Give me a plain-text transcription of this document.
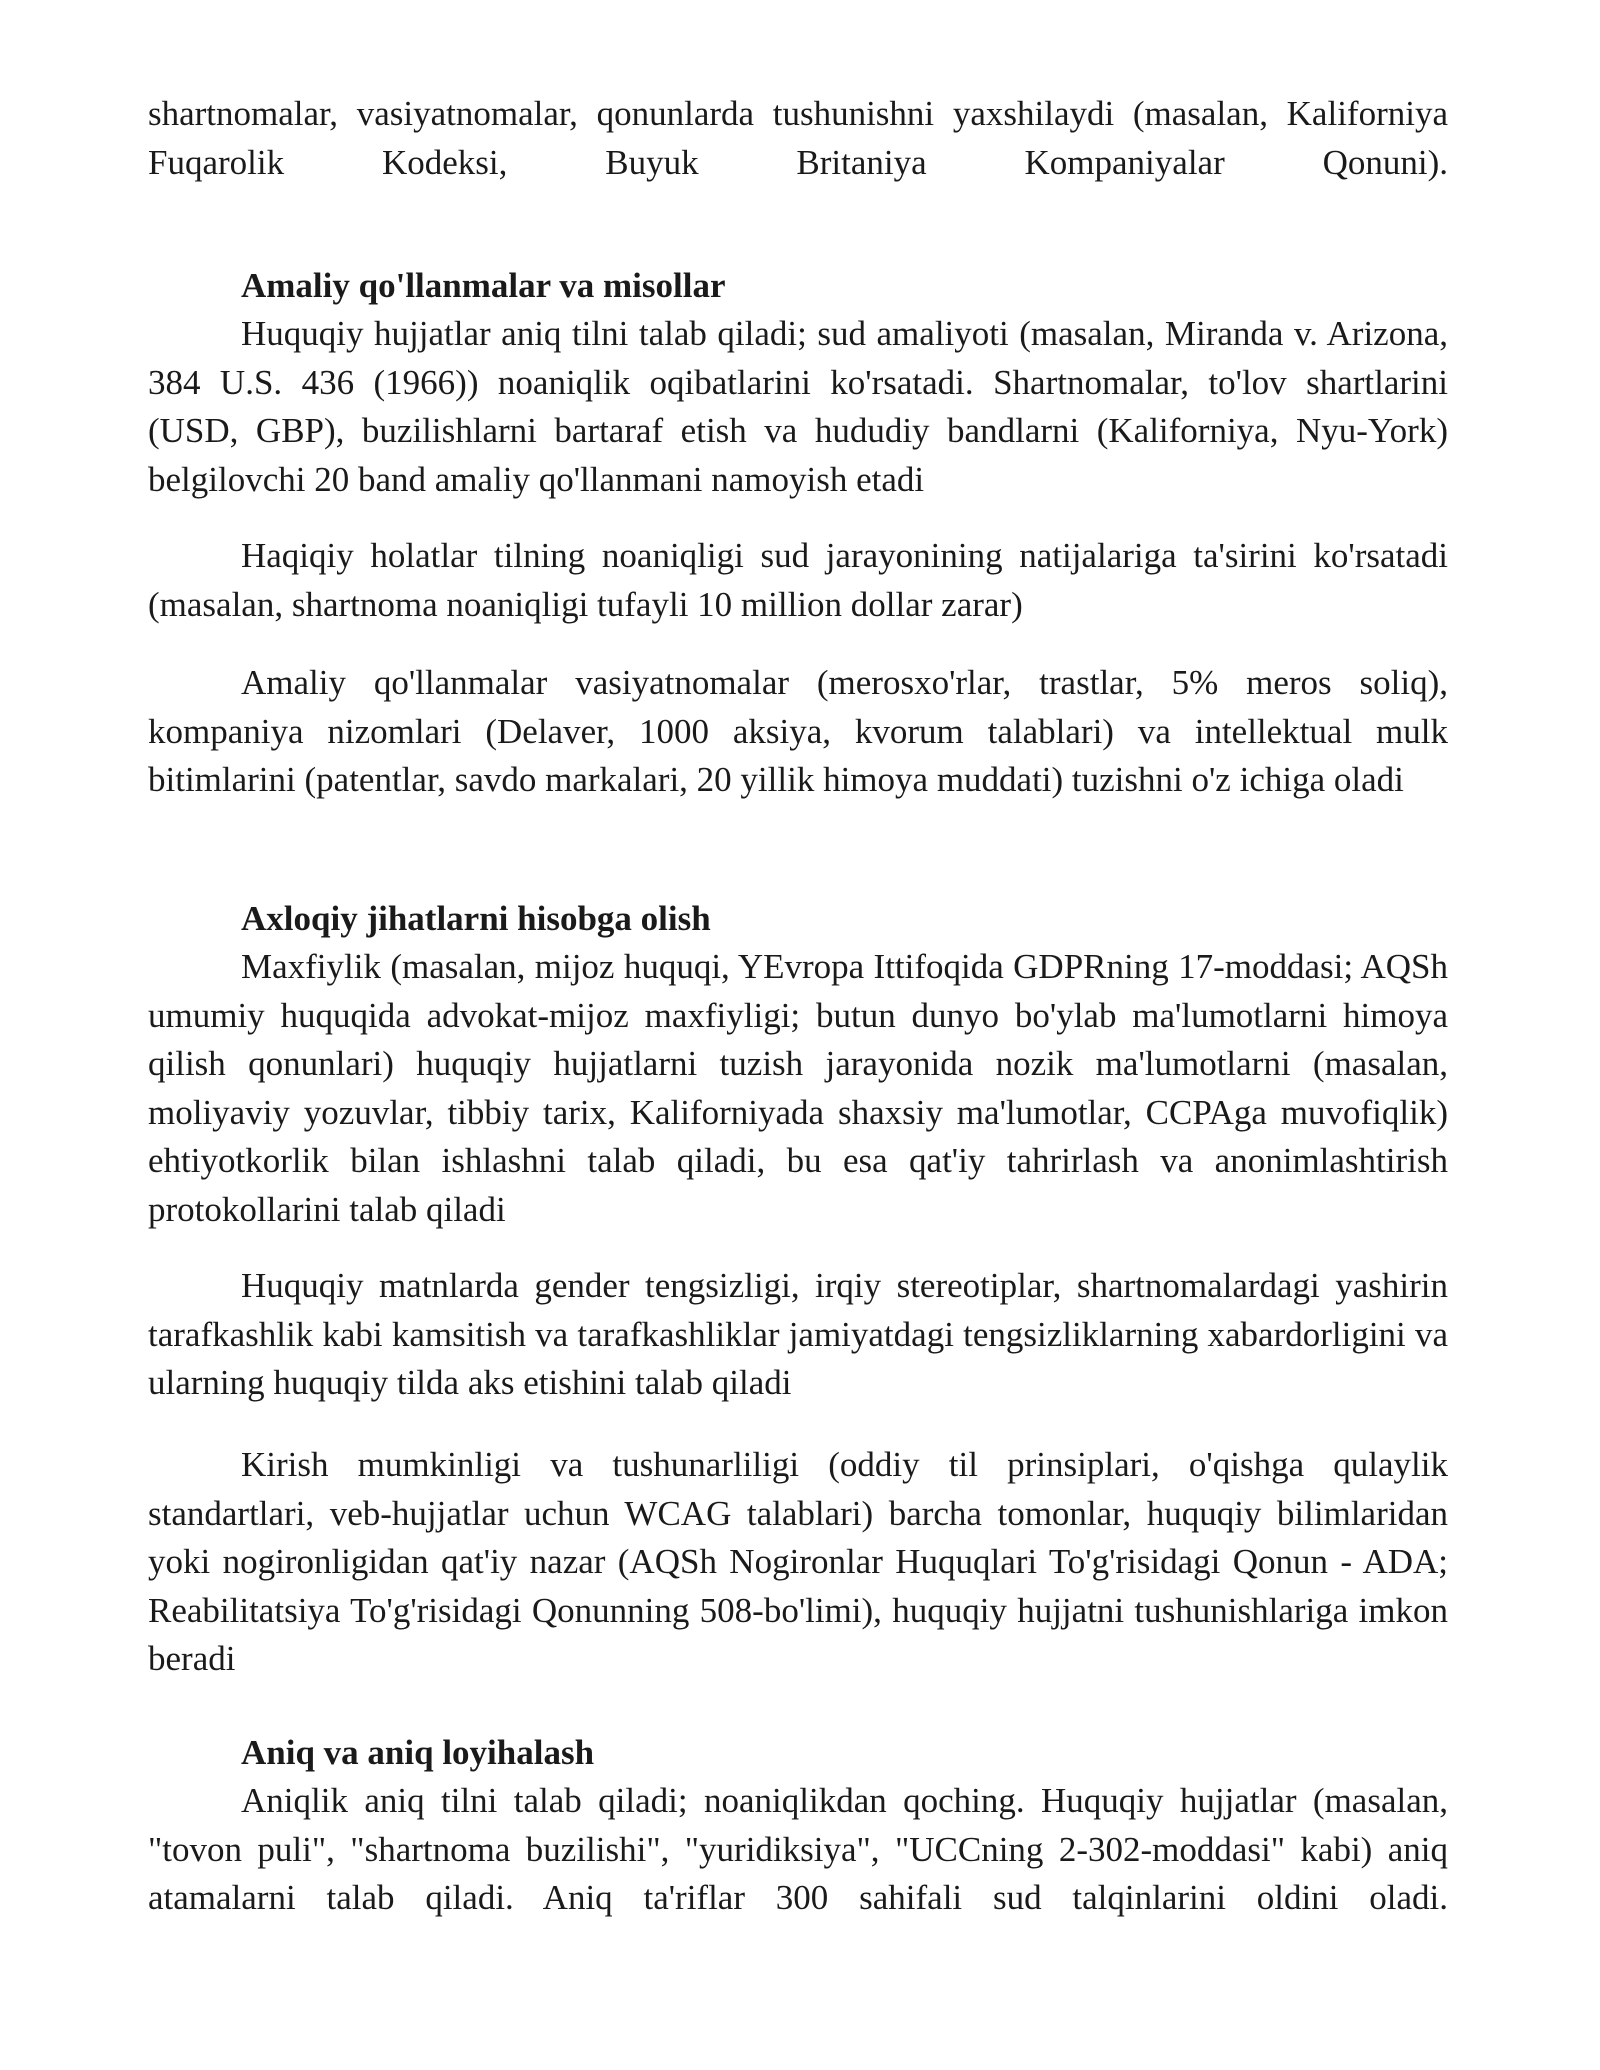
shartnomalar, vasiyatnomalar, qonunlarda tushunishni yaxshilaydi (masalan, Kaliforniya Fuqarolik Kodeksi, Buyuk Britaniya Kompaniyalar Qonuni).

Amaliy qo'llanmalar va misollar

Huquqiy hujjatlar aniq tilni talab qiladi; sud amaliyoti (masalan, Miranda v. Arizona, 384 U.S. 436 (1966)) noaniqlik oqibatlarini ko'rsatadi. Shartnomalar, to'lov shartlarini (USD, GBP), buzilishlarni bartaraf etish va hududiy bandlarni (Kaliforniya, Nyu-York) belgilovchi 20 band amaliy qo'llanmani namoyish etadi

Haqiqiy holatlar tilning noaniqligi sud jarayonining natijalariga ta'sirini ko'rsatadi (masalan, shartnoma noaniqligi tufayli 10 million dollar zarar)

Amaliy qo'llanmalar vasiyatnomalar (merosxo'rlar, trastlar, 5% meros soliq), kompaniya nizomlari (Delaver, 1000 aksiya, kvorum talablari) va intellektual mulk bitimlarini (patentlar, savdo markalari, 20 yillik himoya muddati) tuzishni o'z ichiga oladi

Axloqiy jihatlarni hisobga olish

Maxfiylik (masalan, mijoz huquqi, YEvropa Ittifoqida GDPRning 17-moddasi; AQSh umumiy huquqida advokat-mijoz maxfiyligi; butun dunyo bo'ylab ma'lumotlarni himoya qilish qonunlari) huquqiy hujjatlarni tuzish jarayonida nozik ma'lumotlarni (masalan, moliyaviy yozuvlar, tibbiy tarix, Kaliforniyada shaxsiy ma'lumotlar, CCPAga muvofiqlik) ehtiyotkorlik bilan ishlashni talab qiladi, bu esa qat'iy tahrirlash va anonimlashtirish protokollarini talab qiladi

Huquqiy matnlarda gender tengsizligi, irqiy stereotiplar, shartnomalardagi yashirin tarafkashlik kabi kamsitish va tarafkashliklar jamiyatdagi tengsizliklarning xabardorligini va ularning huquqiy tilda aks etishini talab qiladi

Kirish mumkinligi va tushunarliligi (oddiy til prinsiplari, o'qishga qulaylik standartlari, veb-hujjatlar uchun WCAG talablari) barcha tomonlar, huquqiy bilimlaridan yoki nogironligidan qat'iy nazar (AQSh Nogironlar Huquqlari To'g'risidagi Qonun - ADA; Reabilitatsiya To'g'risidagi Qonunning 508-bo'limi), huquqiy hujjatni tushunishlariga imkon beradi

Aniq va aniq loyihalash

Aniqlik aniq tilni talab qiladi; noaniqlikdan qoching. Huquqiy hujjatlar (masalan, "tovon puli", "shartnoma buzilishi", "yuridiksiya", "UCCning 2-302-moddasi" kabi) aniq atamalarni talab qiladi. Aniq ta'riflar 300 sahifali sud talqinlarini oldini oladi.
